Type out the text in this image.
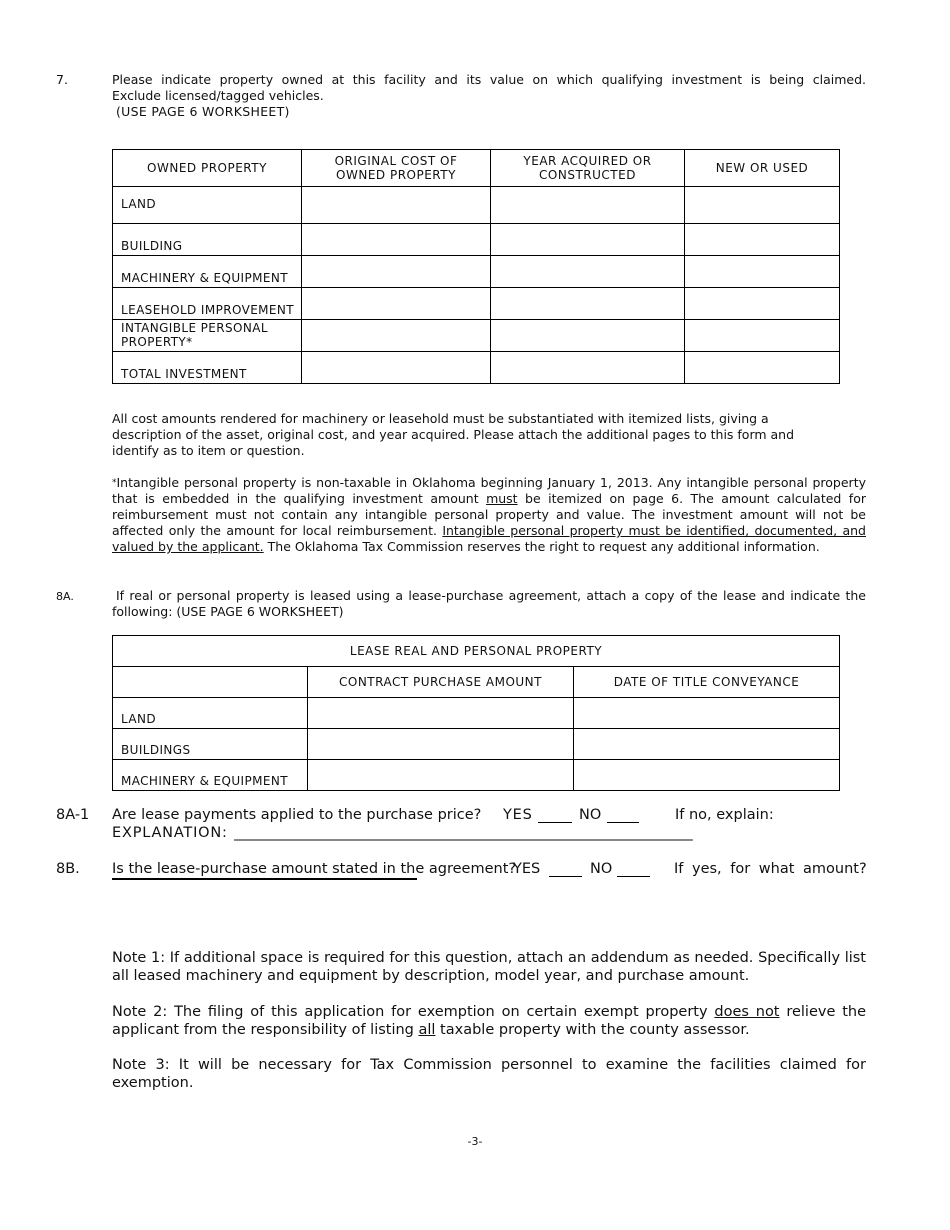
7.	Please indicate property owned at this facility and its value on which qualifying investment is being claimed.
Exclude licensed/tagged vehicles.
(USE PAGE 6 WORKSHEET)
OWNED PROPERTY	ORIGINAL COST OF OWNED PROPERTY	YEAR ACQUIRED OR CONSTRUCTED	NEW OR USED
LAND			
BUILDING			
MACHINERY & EQUIPMENT			
LEASEHOLD IMPROVEMENT			
INTANGIBLE PERSONAL PROPERTY*			
TOTAL INVESTMENT			
All cost amounts rendered for machinery or leasehold must be substantiated with itemized lists, giving a description of the asset, original cost, and year acquired. Please attach the additional pages to this form and identify as to item or question.
*Intangible personal property is non-taxable in Oklahoma beginning January 1, 2013. Any intangible personal property that is embedded in the qualifying investment amount must be itemized on page 6. The amount calculated for reimbursement must not contain any intangible personal property and value. The investment amount will not be affected only the amount for local reimbursement. Intangible personal property must be identified, documented, and valued by the applicant. The Oklahoma Tax Commission reserves the right to request any additional information.
8A.	If real or personal property is leased using a lease-purchase agreement, attach a copy of the lease and indicate the following: (USE PAGE 6 WORKSHEET)
LEASE REAL AND PERSONAL PROPERTY		
	CONTRACT PURCHASE AMOUNT	DATE OF TITLE CONVEYANCE
LAND		
BUILDINGS		
MACHINERY & EQUIPMENT		
8A-1 Are lease payments applied to the purchase price? YES	NO	If no, explain:
EXPLANATION: _______________________________________________________________________
8B. Is the lease-purchase amount stated in the agreement?
YES	NO	If yes, for what amount?
Note 1: If additional space is required for this question, attach an addendum as needed. Specifically list all leased machinery and equipment by description, model year, and purchase amount.
Note 2: The filing of this application for exemption on certain exempt property does not relieve the applicant from the responsibility of listing all taxable property with the county assessor.
Note 3: It will be necessary for Tax Commission personnel to examine the facilities claimed for exemption.
-3-
